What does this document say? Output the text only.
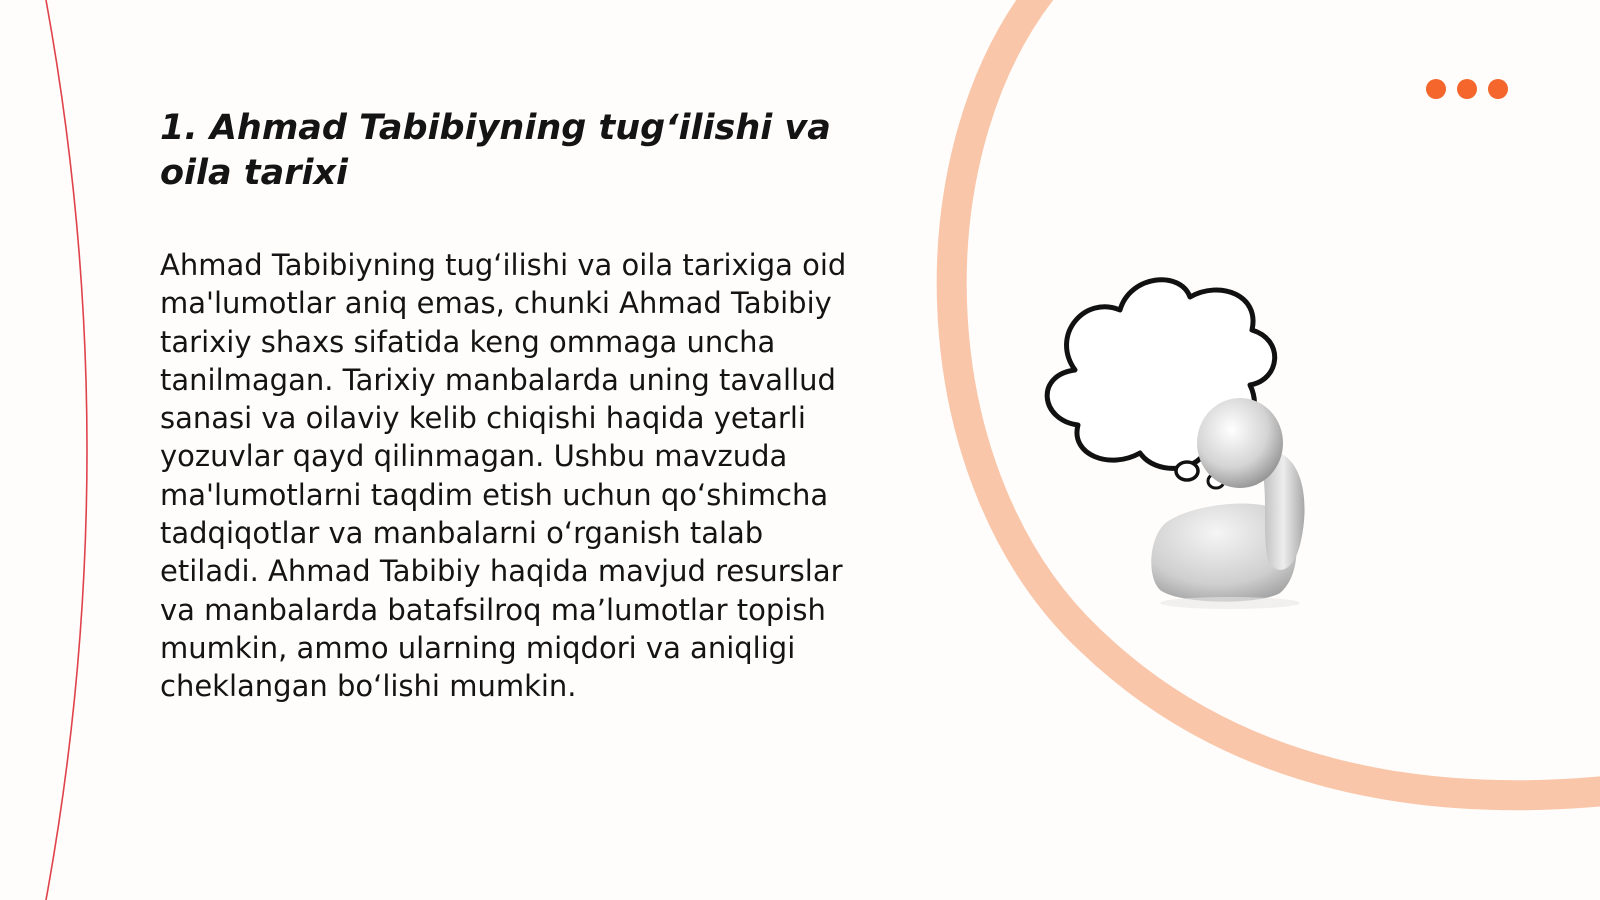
1. Ahmad Tabibiyning tug‘ilishi va oila tarixi

Ahmad Tabibiyning tug‘ilishi va oila tarixiga oid ma'lumotlar aniq emas, chunki Ahmad Tabibiy tarixiy shaxs sifatida keng ommaga uncha tanilmagan. Tarixiy manbalarda uning tavallud sanasi va oilaviy kelib chiqishi haqida yetarli yozuvlar qayd qilinmagan. Ushbu mavzuda ma'lumotlarni taqdim etish uchun qo‘shimcha tadqiqotlar va manbalarni o‘rganish talab etiladi. Ahmad Tabibiy haqida mavjud resurslar va manbalarda batafsilroq ma’lumotlar topish mumkin, ammo ularning miqdori va aniqligi cheklangan bo‘lishi mumkin.
